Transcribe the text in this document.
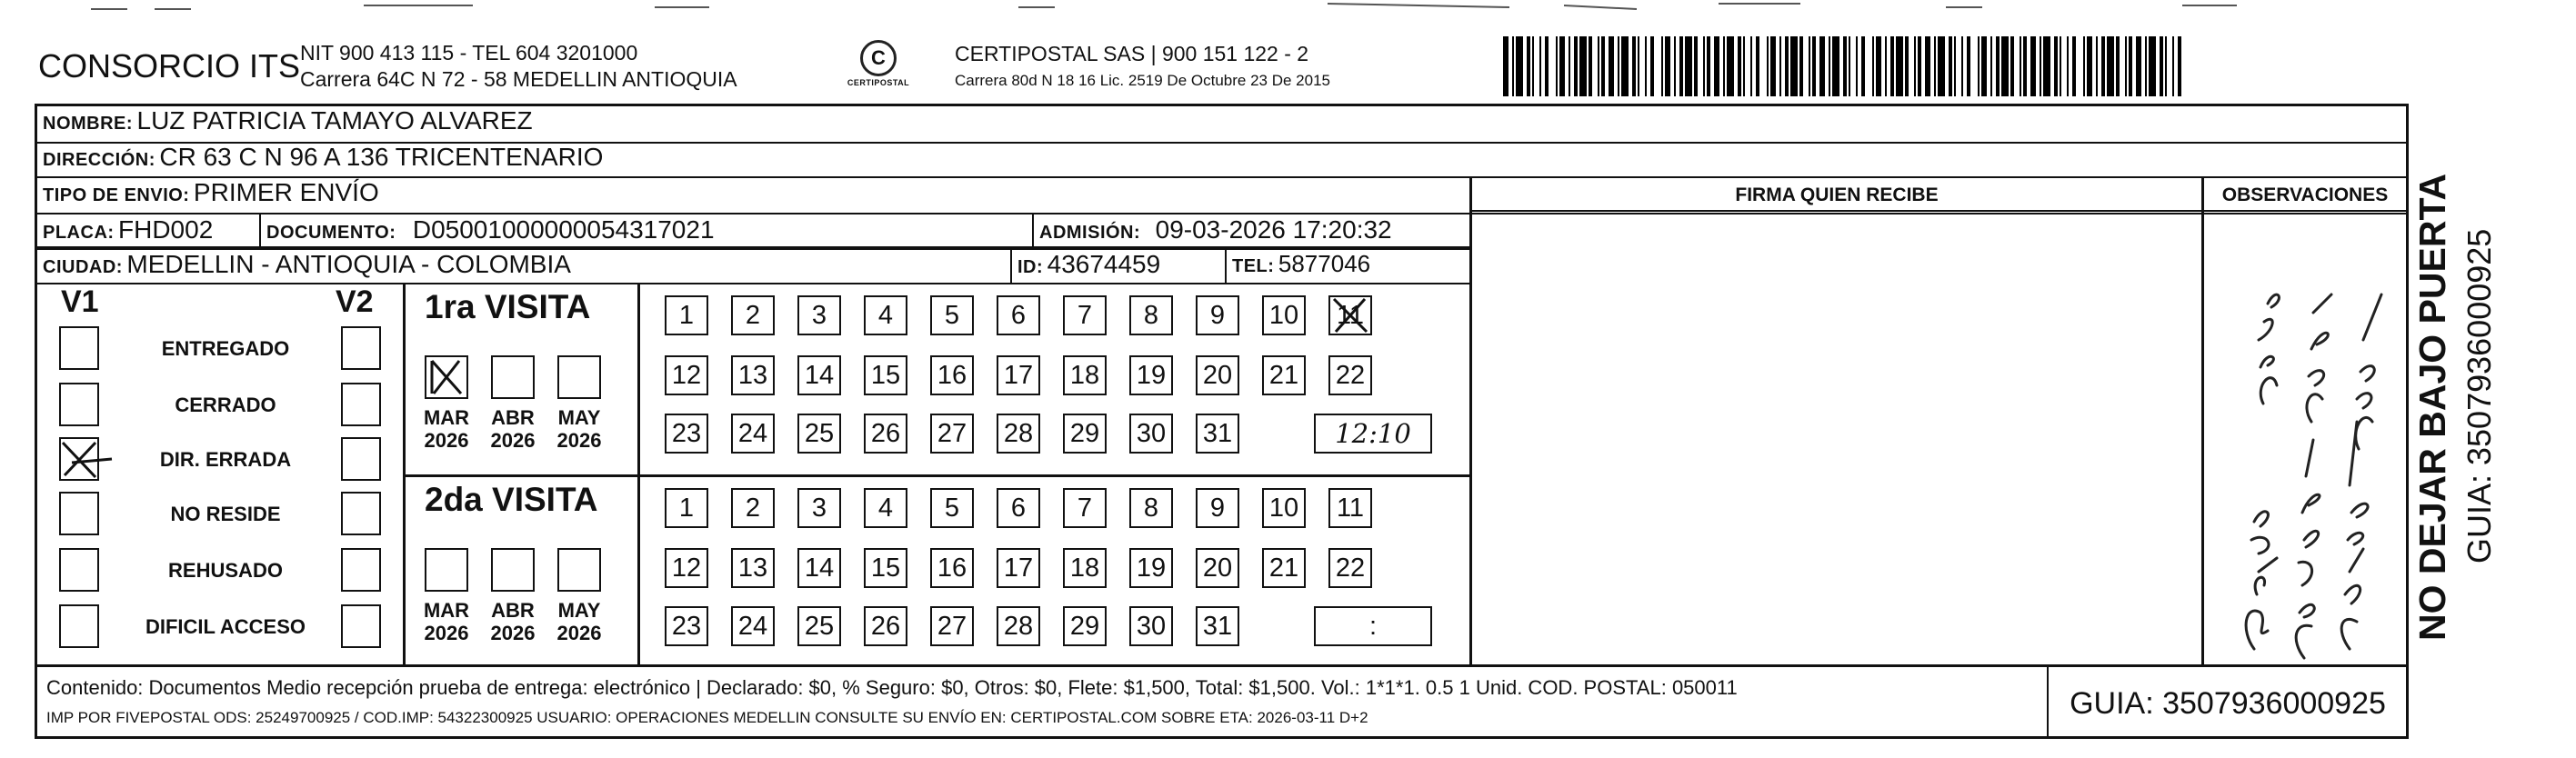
CONSORCIO ITS NIT 900 413 115 - TEL 604 3201000
Carrera 64C N 72 - 58 MEDELLIN ANTIOQUIA
C
CERTIPOSTAL
CERTIPOSTAL SAS | 900 151 122 - 2
Carrera 80d N 18 16 Lic. 2519 De Octubre 23 De 2015
NOMBRE: LUZ PATRICIA TAMAYO ALVAREZ
DIRECCIÓN: CR 63 C N 96 A 136 TRICENTENARIO
TIPO DE ENVIO: PRIMER ENVÍO	FIRMA QUIEN RECIBE	OBSERVACIONES
PLACA: FHD002	DOCUMENTO: D05001000000054317021	ADMISIÓN: 09-03-2026 17:20:32
CIUDAD: MEDELLIN - ANTIOQUIA - COLOMBIA	ID: 43674459	TEL: 5877046
V1	V2
ENTREGADO
CERRADO
DIR. ERRADA
NO RESIDE
REHUSADO
DIFICIL ACCESO
1ra VISITA
MAR
2026
ABR
2026
MAY
2026
1	2	3	4	5	6	7	8	9	10	11
12 13 14 15 16 17 18 19 20 21 22
23 24 25 26 27 28 29 30 31	12:10
2da VISITA
MAR
2026
ABR
2026
MAY
2026
1	2	3	4	5	6	7	8	9	10	11
12 13 14 15 16 17 18 19 20 21 22
23 24 25 26 27 28 29 30 31	:
Contenido: Documentos Medio recepción prueba de entrega: electrónico | Declarado: $0, % Seguro: $0, Otros: $0, Flete: $1,500, Total: $1,500. Vol.: 1*1*1. 0.5 1 Unid. COD. POSTAL: 050011
IMP POR FIVEPOSTAL ODS: 25249700925 / COD.IMP: 54322300925 USUARIO: OPERACIONES MEDELLIN CONSULTE SU ENVÍO EN: CERTIPOSTAL.COM SOBRE ETA: 2026-03-11 D+2	GUIA: 3507936000925
NO DEJAR BAJO PUERTA GUIA: 3507936000925
